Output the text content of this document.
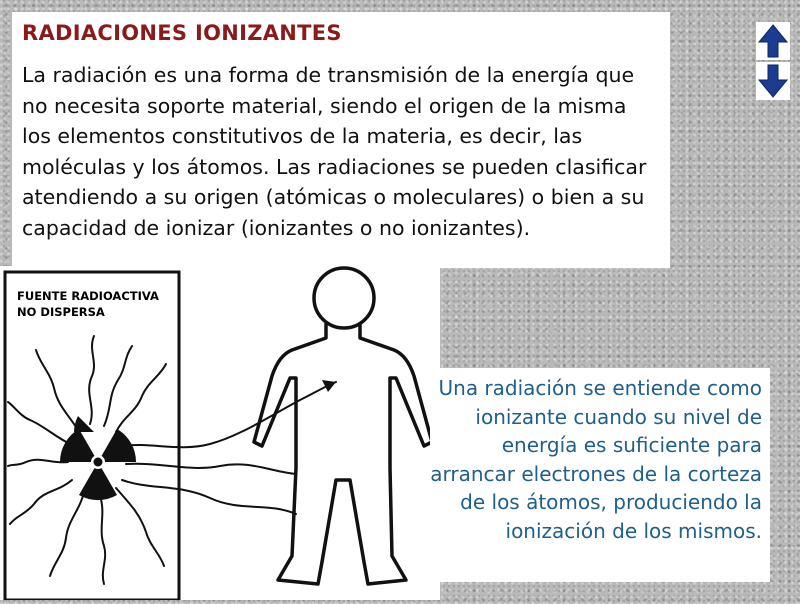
RADIACIONES IONIZANTES

La radiación es una forma de transmisión de la energía que no necesita soporte material, siendo el origen de la misma los elementos constitutivos de la materia, es decir, las moléculas y los átomos. Las radiaciones se pueden clasificar atendiendo a su origen (atómicas o moleculares) o bien a su capacidad de ionizar (ionizantes o no ionizantes).

FUENTE RADIOACTIVA
NO DISPERSA
Una radiación se entiende como ionizante cuando su nivel de energía es suficiente para arrancar electrones de la corteza de los átomos, produciendo la ionización de los mismos.
